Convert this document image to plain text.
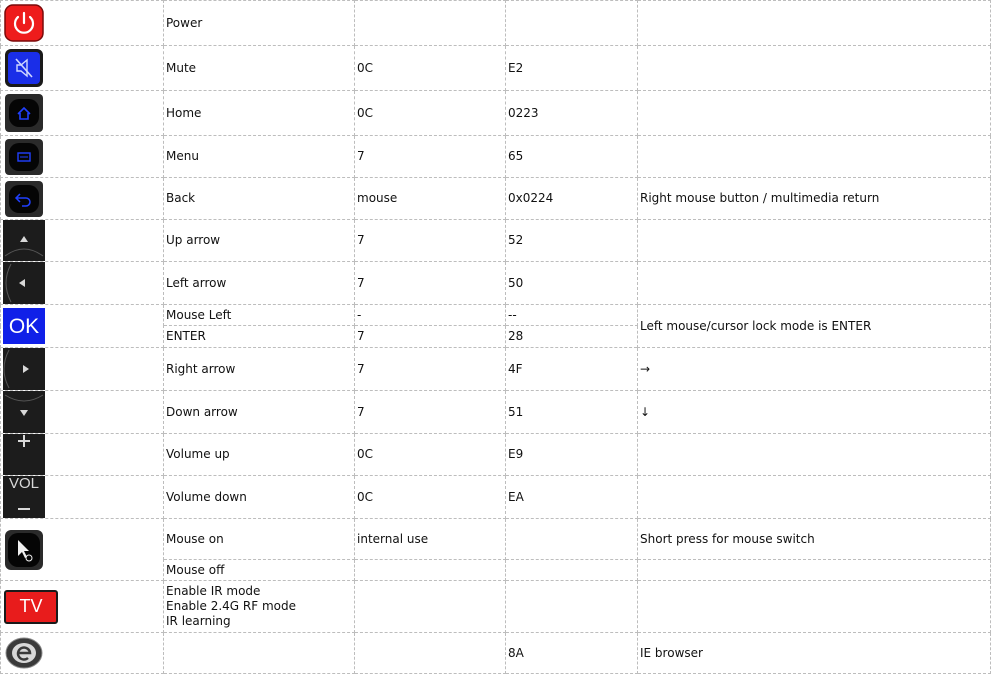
	Power			

	Mute	0C	E2	

	Home	0C	0223	

	Menu	7	65	

	Back	mouse	0x0224	Right mouse button / multimedia return

	Up arrow	7	52	

	Left arrow	7	50	

OK	Mouse Left	-	--	Left mouse/cursor lock mode is ENTER
	ENTER	7	28	

	Right arrow	7	4F	→

	Down arrow	7	51	↓

	Volume up	0C	E9	

VOL	Volume down	0C	EA	

	Mouse on	internal use		Short press for mouse switch
	Mouse off			

TV	Enable IR mode
Enable 2.4G RF mode
IR learning			

			8A	IE browser
